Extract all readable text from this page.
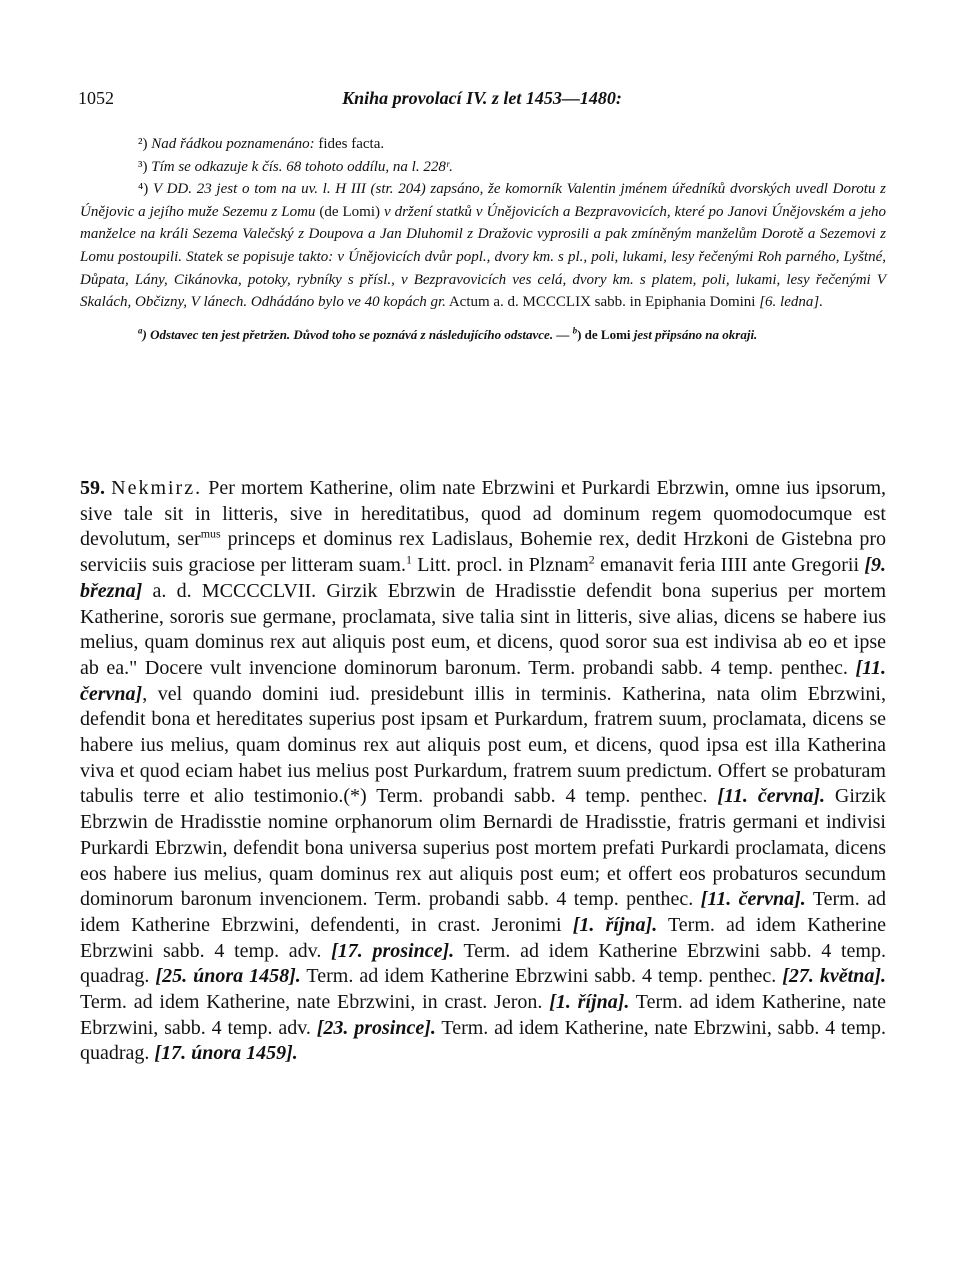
1052	Kniha provolací IV. z let 1453—1480:

²) Nad řádkou poznamenáno: fides facta.

³) Tím se odkazuje k čís. 68 tohoto oddílu, na l. 228ʳ.

⁴) V DD. 23 jest o tom na uv. l. H III (str. 204) zapsáno, že komorník Valentin jménem úředníků dvorských uvedl Dorotu z Únějovic a jejího muže Sezemu z Lomu (de Lomi) v držení statků v Únějovicích a Bezpravovicích, které po Janovi Únějovském a jeho manželce na králi Sezema Valečský z Doupova a Jan Dluhomil z Dražovic vyprosili a pak zmíněným manželům Dorotě a Sezemovi z Lomu postoupili. Statek se popisuje takto: v Únějovicích dvůr popl., dvory km. s pl., poli, lukami, lesy řečenými Roh parného, Lyštné, Důpata, Lány, Cikánovka, potoky, rybníky s přísl., v Bezpravovicích ves celá, dvory km. s platem, poli, lukami, lesy řečenými V Skalách, Občizny, V lánech. Odhádáno bylo ve 40 kopách gr. Actum a. d. MCCCLIX sabb. in Epiphania Domini [6. ledna].

$^a$) Odstavec ten jest přetržen. Důvod toho se poznává z následujícího odstavce. — $^b$) de Lomi jest připsáno na okraji.

59. Nekmirz. Per mortem Katherine, olim nate Ebrzwini et Purkardi Ebrzwin, omne ius ipsorum, sive tale sit in litteris, sive in hereditatibus, quod ad dominum regem quomodocumque est devolutum, ser$^{mus}$ princeps et dominus rex Ladislaus, Bohemie rex, dedit Hrzkoni de Gistebna pro serviciis suis graciose per litteram suam.$^1$ Litt. procl. in Plznam$^2$ emanavit feria IIII ante Gregorii [9. března] a. d. MCCCCLVII. Girzik Ebrzwin de Hradisstie defendit bona superius per mortem Katherine, sororis sue germane, proclamata, sive talia sint in litteris, sive alias, dicens se habere ius melius, quam dominus rex aut aliquis post eum, et dicens, quod soror sua est indivisa ab eo et ipse ab ea." Docere vult invencione dominorum baronum. Term. probandi sabb. 4 temp. penthec. [11. června], vel quando domini iud. presidebunt illis in terminis. Katherina, nata olim Ebrzwini, defendit bona et hereditates superius post ipsam et Purkardum, fratrem suum, proclamata, dicens se habere ius melius, quam dominus rex aut aliquis post eum, et dicens, quod ipsa est illa Katherina viva et quod eciam habet ius melius post Purkardum, fratrem suum predictum. Offert se probaturam tabulis terre et alio testimonio.(*) Term. probandi sabb. 4 temp. penthec. [11. června]. Girzik Ebrzwin de Hradisstie nomine orphanorum olim Bernardi de Hradisstie, fratris germani et indivisi Purkardi Ebrzwin, defendit bona universa superius post mortem prefati Purkardi proclamata, dicens eos habere ius melius, quam dominus rex aut aliquis post eum; et offert eos probaturos secundum dominorum baronum invencionem. Term. probandi sabb. 4 temp. penthec. [11. června]. Term. ad idem Katherine Ebrzwini, defendenti, in crast. Jeronimi [1. října]. Term. ad idem Katherine Ebrzwini sabb. 4 temp. adv. [17. prosince]. Term. ad idem Katherine Ebrzwini sabb. 4 temp. quadrag. [25. února 1458]. Term. ad idem Katherine Ebrzwini sabb. 4 temp. penthec. [27. května]. Term. ad idem Katherine, nate Ebrzwini, in crast. Jeron. [1. října]. Term. ad idem Katherine, nate Ebrzwini, sabb. 4 temp. adv. [23. prosince]. Term. ad idem Katherine, nate Ebrzwini, sabb. 4 temp. quadrag. [17. února 1459].
